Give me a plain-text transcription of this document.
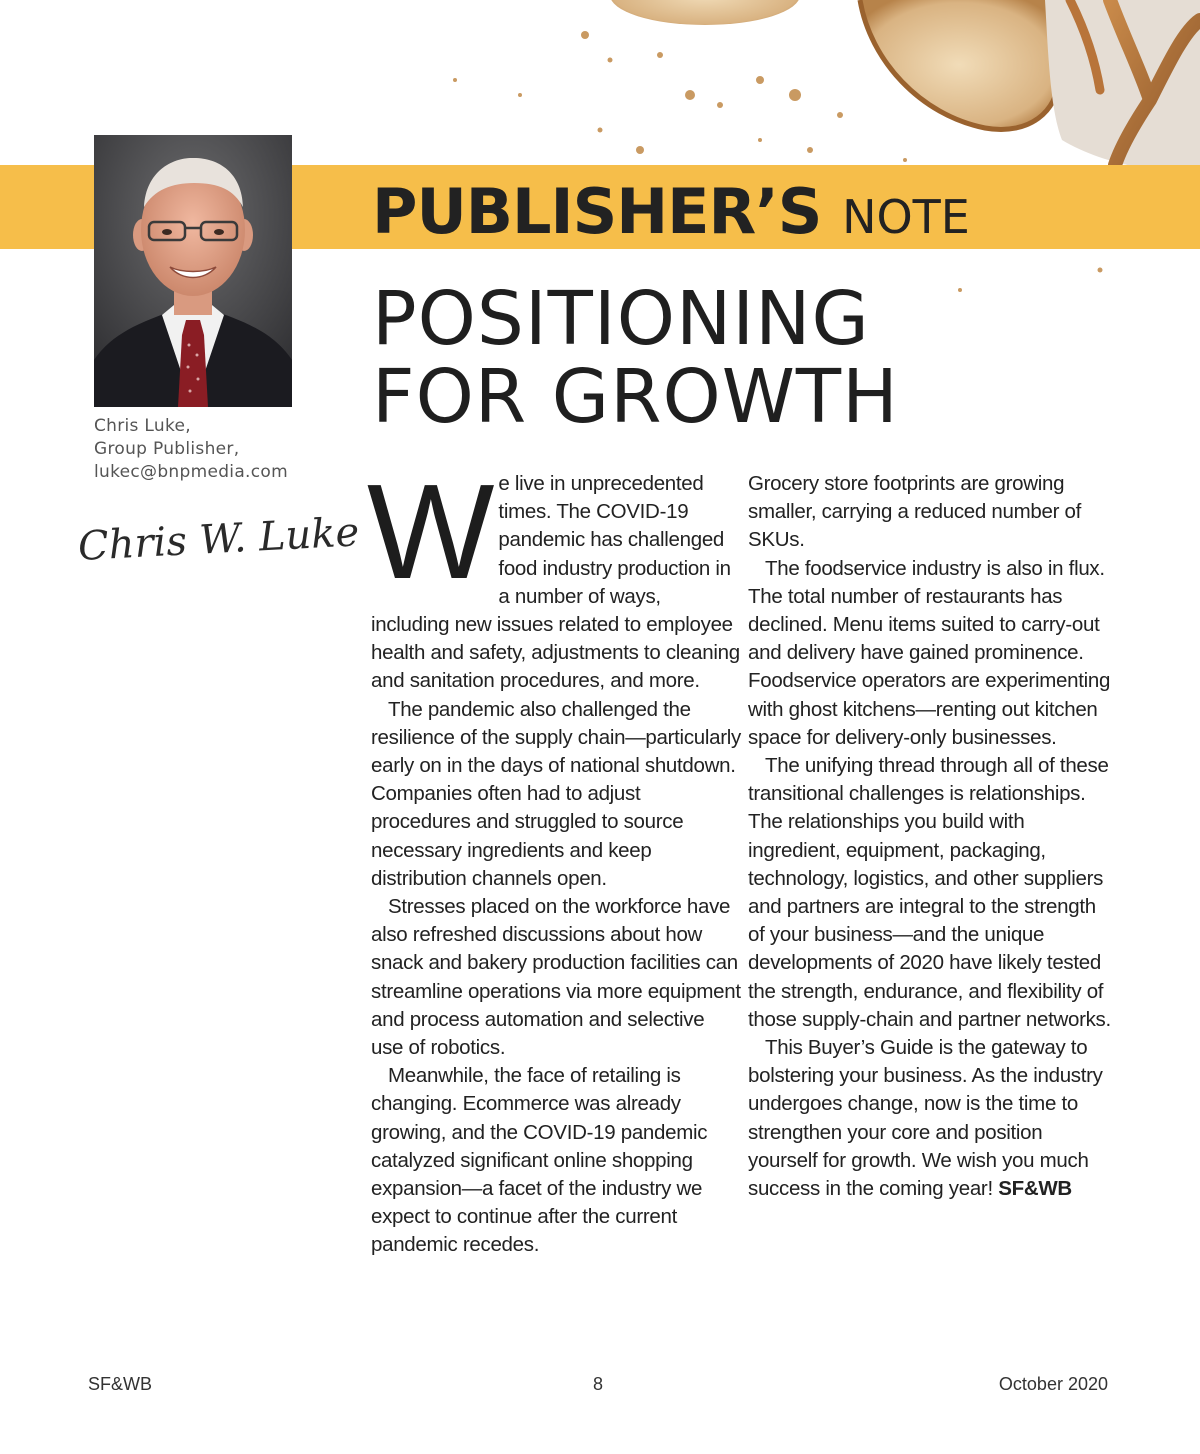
PUBLISHER’S NOTE
POSITIONING
FOR GROWTH
Chris Luke,
Group Publisher,
lukec@bnpmedia.com
Chris W. Luke We live in unprecedented times. The COVID-19 pandemic has challenged food industry production in a number of ways, including new issues related to employee health and safety, adjustments to cleaning and sanitation procedures, and more.

The pandemic also challenged the resilience of the supply chain—particularly early on in the days of national shutdown. Companies often had to adjust procedures and struggled to source necessary ingredients and keep distribution channels open.

Stresses placed on the workforce have also refreshed discussions about how snack and bakery production facilities can streamline operations via more equipment and process automation and selective use of robotics.

Meanwhile, the face of retailing is changing. Ecommerce was already growing, and the COVID-19 pandemic catalyzed significant online shopping expansion—a facet of the industry we expect to continue after the current pandemic recedes.

Grocery store footprints are growing smaller, carrying a reduced number of SKUs.

The foodservice industry is also in flux. The total number of restaurants has declined. Menu items suited to carry-out and delivery have gained prominence. Foodservice operators are experimenting with ghost kitchens—renting out kitchen space for delivery-only businesses.

The unifying thread through all of these transitional challenges is relationships. The relationships you build with ingredient, equipment, packaging, technology, logistics, and other suppliers and partners are integral to the strength of your business—and the unique developments of 2020 have likely tested the strength, endurance, and flexibility of those supply-chain and partner networks.

This Buyer’s Guide is the gateway to bolstering your business. As the industry undergoes change, now is the time to strengthen your core and position yourself for growth. We wish you much success in the coming year! SF&WB

SF&WB	8	October 2020
